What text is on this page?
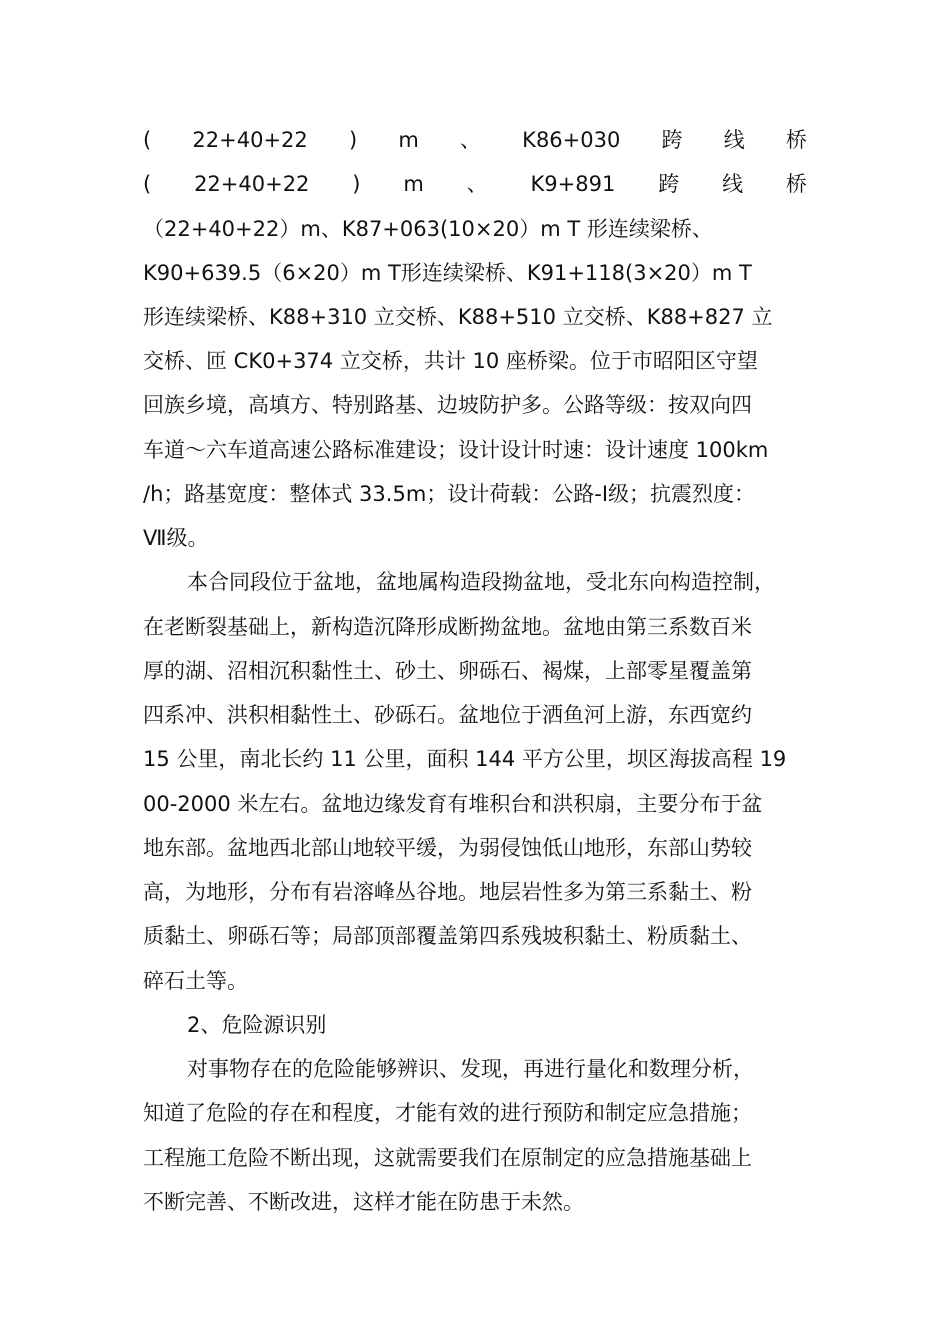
( 22+40+22 ) m 、 K86+030 跨 线 桥
( 22+40+22 ) m 、 K9+891 跨 线 桥
（22+40+22）m、K87+063(10×20）m T 形连续梁桥、
K90+639.5（6×20）m T形连续梁桥、K91+118(3×20）m T
形连续梁桥、K88+310 立交桥、K88+510 立交桥、K88+827 立
交桥、匝 CK0+374 立交桥，共计 10 座桥梁。位于市昭阳区守望
回族乡境，高填方、特别路基、边坡防护多。公路等级：按双向四
车道～六车道高速公路标准建设；设计设计时速：设计速度 100km
/h；路基宽度：整体式 33.5m；设计荷载：公路-Ⅰ级；抗震烈度：
Ⅶ级。
本合同段位于盆地，盆地属构造段拗盆地，受北东向构造控制，
在老断裂基础上，新构造沉降形成断拗盆地。盆地由第三系数百米
厚的湖、沼相沉积黏性土、砂土、卵砾石、褐煤，上部零星覆盖第
四系冲、洪积相黏性土、砂砾石。盆地位于洒鱼河上游，东西宽约
15 公里，南北长约 11 公里，面积 144 平方公里，坝区海拔高程 19
00-2000 米左右。盆地边缘发育有堆积台和洪积扇，主要分布于盆
地东部。盆地西北部山地较平缓，为弱侵蚀低山地形，东部山势较
高，为地形，分布有岩溶峰丛谷地。地层岩性多为第三系黏土、粉
质黏土、卵砾石等；局部顶部覆盖第四系残坡积黏土、粉质黏土、
碎石土等。
2、危险源识别
对事物存在的危险能够辨识、发现，再进行量化和数理分析，
知道了危险的存在和程度，才能有效的进行预防和制定应急措施；
工程施工危险不断出现，这就需要我们在原制定的应急措施基础上
不断完善、不断改进，这样才能在防患于未然。
